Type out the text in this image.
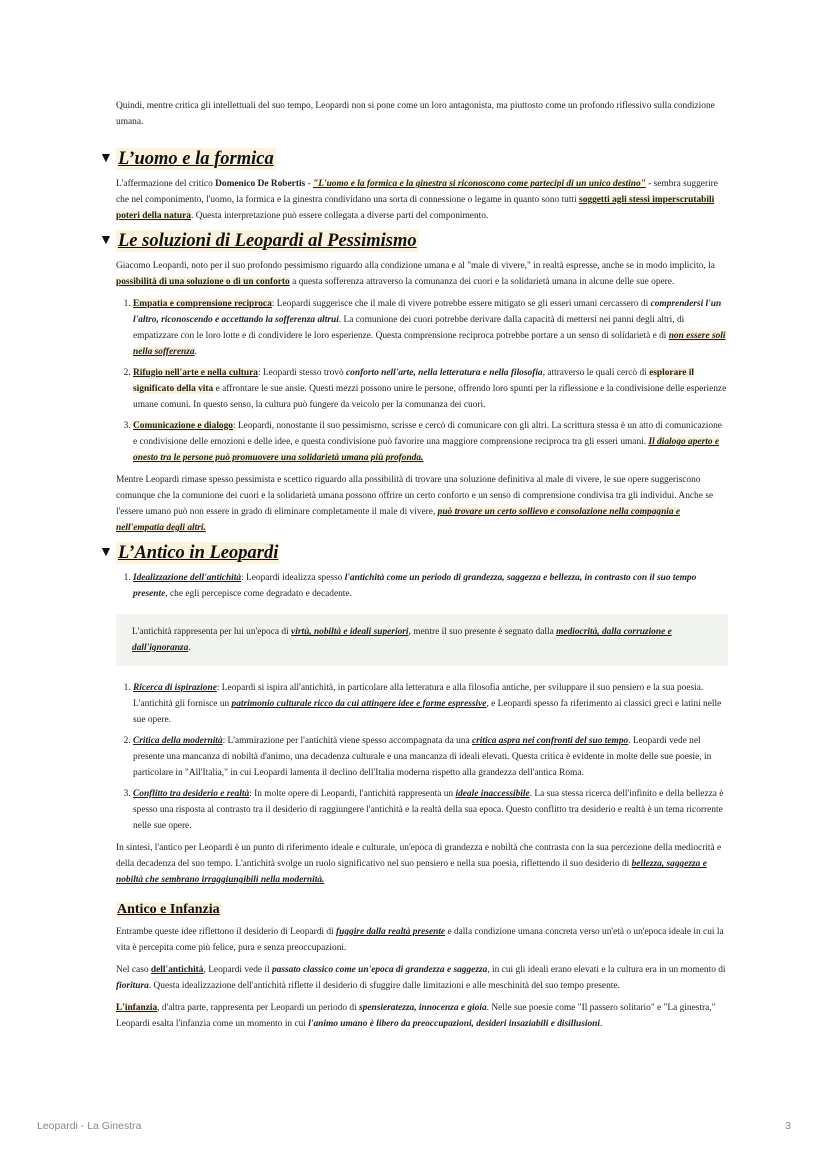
Quindi, mentre critica gli intellettuali del suo tempo, Leopardi non si pone come un loro antagonista, ma piuttosto come un profondo riflessivo sulla condizione umana.

▼ L’uomo e la formica

L'affermazione del critico Domenico De Robertis - "L'uomo e la formica e la ginestra si riconoscono come partecipi di un unico destino" - sembra suggerire che nel componimento, l'uomo, la formica e la ginestra condividano una sorta di connessione o legame in quanto sono tutti soggetti agli stessi imperscrutabili poteri della natura. Questa interpretazione può essere collegata a diverse parti del componimento.

▼ Le soluzioni di Leopardi al Pessimismo

Giacomo Leopardi, noto per il suo profondo pessimismo riguardo alla condizione umana e al "male di vivere," in realtà espresse, anche se in modo implicito, la possibilità di una soluzione o di un conforto a questa sofferenza attraverso la comunanza dei cuori e la solidarietà umana in alcune delle sue opere.

1. Empatia e comprensione reciproca: Leopardi suggerisce che il male di vivere potrebbe essere mitigato se gli esseri umani cercassero di comprendersi l'un l'altro, riconoscendo e accettando la sofferenza altrui. La comunione dei cuori potrebbe derivare dalla capacità di mettersi nei panni degli altri, di empatizzare con le loro lotte e di condividere le loro esperienze. Questa comprensione reciproca potrebbe portare a un senso di solidarietà e di non essere soli nella sofferenza.
2. Rifugio nell'arte e nella cultura: Leopardi stesso trovò conforto nell'arte, nella letteratura e nella filosofia, attraverso le quali cercò di esplorare il significato della vita e affrontare le sue ansie. Questi mezzi possono unire le persone, offrendo loro spunti per la riflessione e la condivisione delle esperienze umane comuni. In questo senso, la cultura può fungere da veicolo per la comunanza dei cuori.
3. Comunicazione e dialogo: Leopardi, nonostante il suo pessimismo, scrisse e cercò di comunicare con gli altri. La scrittura stessa è un atto di comunicazione e condivisione delle emozioni e delle idee, e questa condivisione può favorire una maggiore comprensione reciproca tra gli esseri umani. Il dialogo aperto e onesto tra le persone può promuovere una solidarietà umana più profonda.

Mentre Leopardi rimase spesso pessimista e scettico riguardo alla possibilità di trovare una soluzione definitiva al male di vivere, le sue opere suggeriscono comunque che la comunione dei cuori e la solidarietà umana possono offrire un certo conforto e un senso di comprensione condivisa tra gli individui. Anche se l'essere umano può non essere in grado di eliminare completamente il male di vivere, può trovare un certo sollievo e consolazione nella compagnia e nell'empatia degli altri.

▼ L’Antico in Leopardi
1. Idealizzazione dell'antichità: Leopardi idealizza spesso l'antichità come un periodo di grandezza, saggezza e bellezza, in contrasto con il suo tempo presente, che egli percepisce come degradato e decadente.
L'antichità rappresenta per lui un'epoca di virtù, nobiltà e ideali superiori, mentre il suo presente è segnato dalla mediocrità, dalla corruzione e dall'ignoranza.
1. Ricerca di ispirazione: Leopardi si ispira all'antichità, in particolare alla letteratura e alla filosofia antiche, per sviluppare il suo pensiero e la sua poesia. L'antichità gli fornisce un patrimonio culturale ricco da cui attingere idee e forme espressive, e Leopardi spesso fa riferimento ai classici greci e latini nelle sue opere.
2. Critica della modernità: L'ammirazione per l'antichità viene spesso accompagnata da una critica aspra nei confronti del suo tempo. Leopardi vede nel presente una mancanza di nobiltà d'animo, una decadenza culturale e una mancanza di ideali elevati. Questa critica è evidente in molte delle sue poesie, in particolare in "All'Italia," in cui Leopardi lamenta il declino dell'Italia moderna rispetto alla grandezza dell'antica Roma.
3. Conflitto tra desiderio e realtà: In molte opere di Leopardi, l'antichità rappresenta un ideale inaccessibile. La sua stessa ricerca dell'infinito e della bellezza è spesso una risposta al contrasto tra il desiderio di raggiungere l'antichità e la realtà della sua epoca. Questo conflitto tra desiderio e realtà è un tema ricorrente nelle sue opere.

In sintesi, l'antico per Leopardi è un punto di riferimento ideale e culturale, un'epoca di grandezza e nobiltà che contrasta con la sua percezione della mediocrità e della decadenza del suo tempo. L'antichità svolge un ruolo significativo nel suo pensiero e nella sua poesia, riflettendo il suo desiderio di bellezza, saggezza e nobiltà che sembrano irraggiungibili nella modernità.

Antico e Infanzia

Entrambe queste idee riflettono il desiderio di Leopardi di fuggire dalla realtà presente e dalla condizione umana concreta verso un'età o un'epoca ideale in cui la vita è percepita come più felice, pura e senza preoccupazioni.

Nel caso dell'antichità, Leopardi vede il passato classico come un'epoca di grandezza e saggezza, in cui gli ideali erano elevati e la cultura era in un momento di fioritura. Questa idealizzazione dell'antichità riflette il desiderio di sfuggire dalle limitazioni e alle meschinità del suo tempo presente.

L'infanzia, d'altra parte, rappresenta per Leopardi un periodo di spensieratezza, innocenza e gioia. Nelle sue poesie come "Il passero solitario" e "La ginestra," Leopardi esalta l'infanzia come un momento in cui l'animo umano è libero da preoccupazioni, desideri insaziabili e disillusioni.

Leopardi - La Ginestra	3
